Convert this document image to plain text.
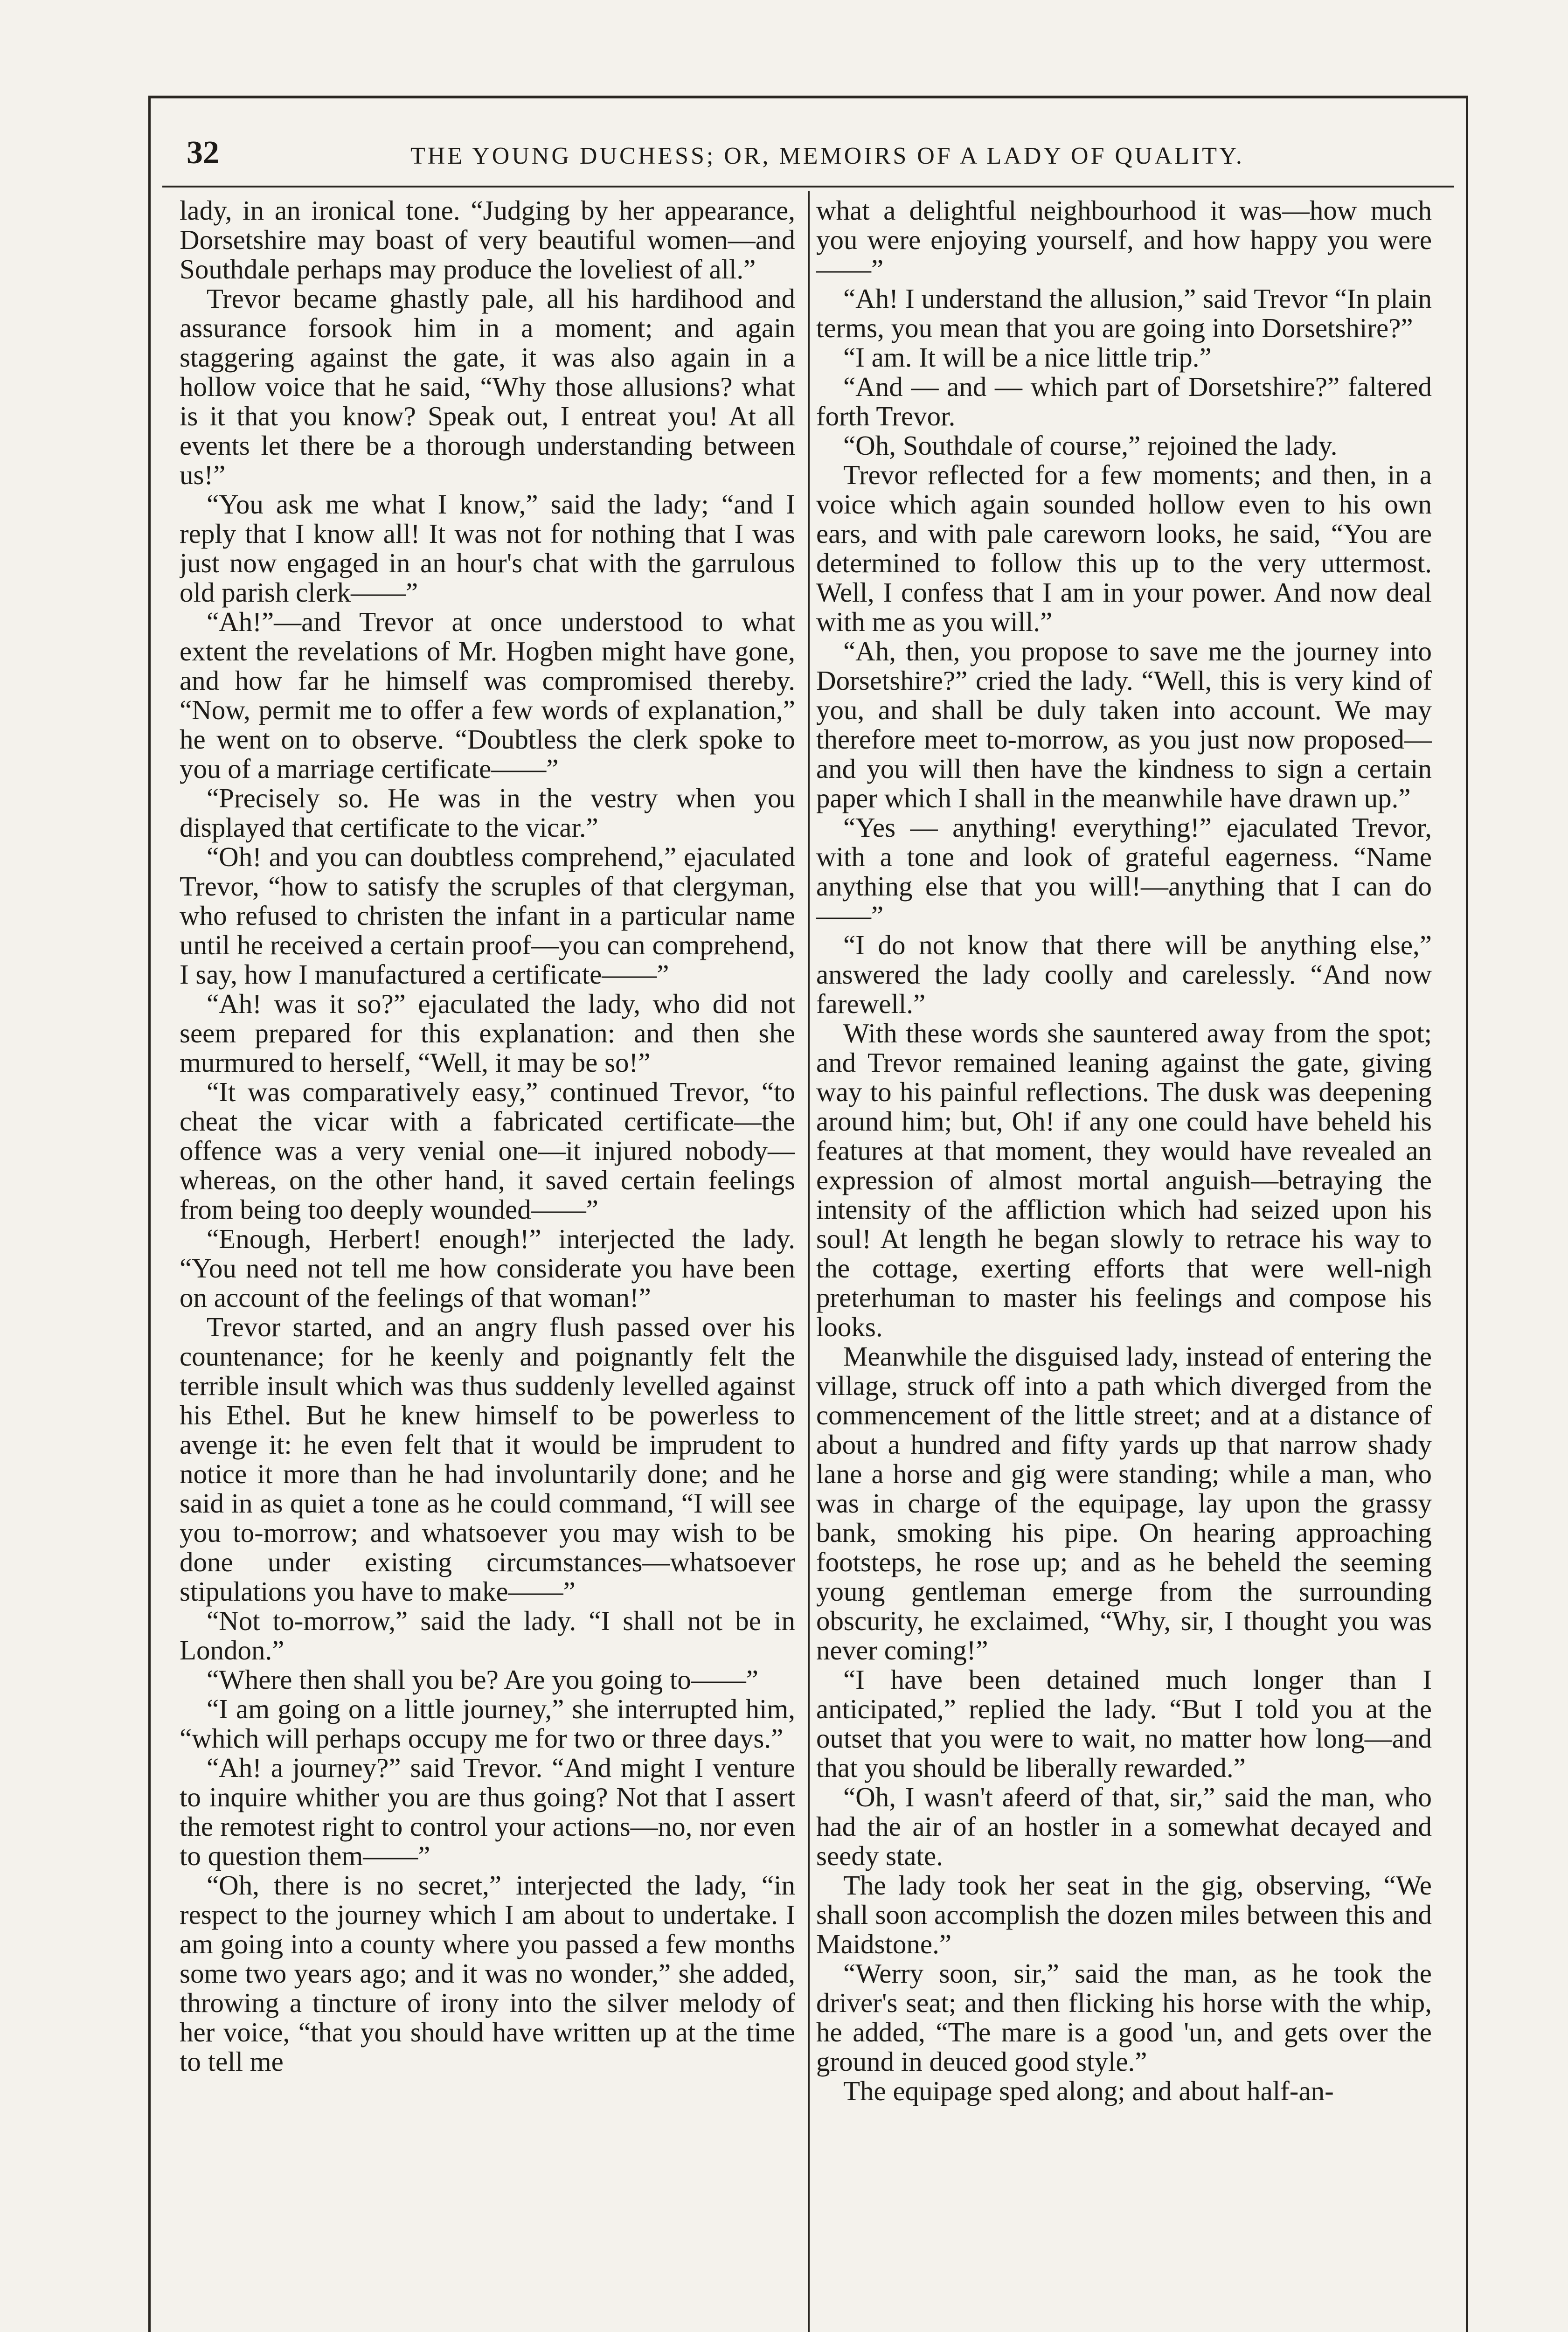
32	THE YOUNG DUCHESS; OR, MEMOIRS OF A LADY OF QUALITY.

lady, in an ironical tone. “Judging by her appearance, Dorsetshire may boast of very beautiful women—and Southdale perhaps may produce the loveliest of all.”

Trevor became ghastly pale, all his hardihood and assurance forsook him in a moment; and again staggering against the gate, it was also again in a hollow voice that he said, “Why those allusions? what is it that you know? Speak out, I entreat you! At all events let there be a thorough understanding between us!”

“You ask me what I know,” said the lady; “and I reply that I know all! It was not for nothing that I was just now engaged in an hour's chat with the garrulous old parish clerk——”

“Ah!”—and Trevor at once understood to what extent the revelations of Mr. Hogben might have gone, and how far he himself was compromised thereby. “Now, permit me to offer a few words of explanation,” he went on to observe. “Doubtless the clerk spoke to you of a marriage certificate——”

“Precisely so. He was in the vestry when you displayed that certificate to the vicar.”

“Oh! and you can doubtless comprehend,” ejaculated Trevor, “how to satisfy the scruples of that clergyman, who refused to christen the infant in a particular name until he received a certain proof—you can comprehend, I say, how I manufactured a certificate——”

“Ah! was it so?” ejaculated the lady, who did not seem prepared for this explanation: and then she murmured to herself, “Well, it may be so!”

“It was comparatively easy,” continued Trevor, “to cheat the vicar with a fabricated certificate—the offence was a very venial one—it injured nobody—whereas, on the other hand, it saved certain feelings from being too deeply wounded——”

“Enough, Herbert! enough!” interjected the lady. “You need not tell me how considerate you have been on account of the feelings of that woman!”

Trevor started, and an angry flush passed over his countenance; for he keenly and poignantly felt the terrible insult which was thus suddenly levelled against his Ethel. But he knew himself to be powerless to avenge it: he even felt that it would be imprudent to notice it more than he had involuntarily done; and he said in as quiet a tone as he could command, “I will see you to-morrow; and whatsoever you may wish to be done under existing circumstances—whatsoever stipulations you have to make——”

“Not to-morrow,” said the lady. “I shall not be in London.”

“Where then shall you be? Are you going to——”

“I am going on a little journey,” she interrupted him, “which will perhaps occupy me for two or three days.”

“Ah! a journey?” said Trevor. “And might I venture to inquire whither you are thus going? Not that I assert the remotest right to control your actions—no, nor even to question them——”

“Oh, there is no secret,” interjected the lady, “in respect to the journey which I am about to undertake. I am going into a county where you passed a few months some two years ago; and it was no wonder,” she added, throwing a tincture of irony into the silver melody of her voice, “that you should have written up at the time to tell me

what a delightful neighbourhood it was—how much you were enjoying yourself, and how happy you were——”

“Ah! I understand the allusion,” said Trevor “In plain terms, you mean that you are going into Dorsetshire?”

“I am. It will be a nice little trip.”

“And — and — which part of Dorsetshire?” faltered forth Trevor.

“Oh, Southdale of course,” rejoined the lady.

Trevor reflected for a few moments; and then, in a voice which again sounded hollow even to his own ears, and with pale careworn looks, he said, “You are determined to follow this up to the very uttermost. Well, I confess that I am in your power. And now deal with me as you will.”

“Ah, then, you propose to save me the journey into Dorsetshire?” cried the lady. “Well, this is very kind of you, and shall be duly taken into account. We may therefore meet to-morrow, as you just now proposed—and you will then have the kindness to sign a certain paper which I shall in the meanwhile have drawn up.”

“Yes — anything! everything!” ejaculated Trevor, with a tone and look of grateful eagerness. “Name anything else that you will!—anything that I can do——”

“I do not know that there will be anything else,” answered the lady coolly and carelessly. “And now farewell.”

With these words she sauntered away from the spot; and Trevor remained leaning against the gate, giving way to his painful reflections. The dusk was deepening around him; but, Oh! if any one could have beheld his features at that moment, they would have revealed an expression of almost mortal anguish—betraying the intensity of the affliction which had seized upon his soul! At length he began slowly to retrace his way to the cottage, exerting efforts that were well-nigh preterhuman to master his feelings and compose his looks.

Meanwhile the disguised lady, instead of entering the village, struck off into a path which diverged from the commencement of the little street; and at a distance of about a hundred and fifty yards up that narrow shady lane a horse and gig were standing; while a man, who was in charge of the equipage, lay upon the grassy bank, smoking his pipe. On hearing approaching footsteps, he rose up; and as he beheld the seeming young gentleman emerge from the surrounding obscurity, he exclaimed, “Why, sir, I thought you was never coming!”

“I have been detained much longer than I anticipated,” replied the lady. “But I told you at the outset that you were to wait, no matter how long—and that you should be liberally rewarded.”

“Oh, I wasn't afeerd of that, sir,” said the man, who had the air of an hostler in a somewhat decayed and seedy state.

The lady took her seat in the gig, observing, “We shall soon accomplish the dozen miles between this and Maidstone.”

“Werry soon, sir,” said the man, as he took the driver's seat; and then flicking his horse with the whip, he added, “The mare is a good 'un, and gets over the ground in deuced good style.”

The equipage sped along; and about half-an-
